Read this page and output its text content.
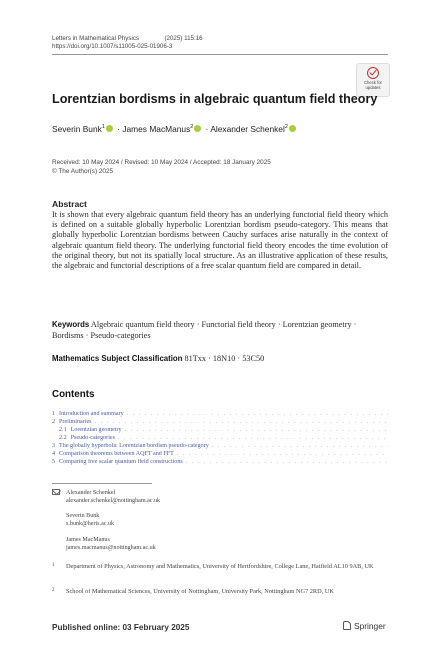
Letters in Mathematical Physics	(2025) 115:16
https://doi.org/10.1007/s11005-025-01906-3
Check for
updates
Lorentzian bordisms in algebraic quantum field theory
Severin Bunk$^1$ · James MacManus$^2$ · Alexander Schenkel$^2$
Received: 10 May 2024 / Revised: 10 May 2024 / Accepted: 18 January 2025
© The Author(s) 2025
Abstract
It is shown that every algebraic quantum field theory has an underlying functorial field theory which is defined on a suitable globally hyperbolic Lorentzian bordism pseudo-category. This means that globally hyperbolic Lorentzian bordisms between Cauchy surfaces arise naturally in the context of algebraic quantum field theory. The underlying functorial field theory encodes the time evolution of the original theory, but not its spatially local structure. As an illustrative application of these results, the algebraic and functorial descriptions of a free scalar quantum field are compared in detail.
Keywords Algebraic quantum field theory · Functorial field theory · Lorentzian geometry · Bordisms · Pseudo-categories
Mathematics Subject Classification 81Txx · 18N10 · 53C50
Contents
1 Introduction and summary
. . .
2 Preliminaries
. . .
2.1 Lorentzian geometry
. . .
2.2 Pseudo-categories
. . .
3 The globally hyperbolic Lorentzian bordism pseudo-category
. . .
4 Comparison theorems between AQFT and FFT
. . .
5 Comparing free scalar quantum field constructions
. . .
Alexander Schenkel
alexander.schenkel@nottingham.ac.uk
Severin Bunk
s.bunk@herts.ac.uk
James MacManus
james.macmanus@nottingham.ac.uk
1 Department of Physics, Astronomy and Mathematics, University of Hertfordshire, College Lane, Hatfield AL10 9AB, UK
2 School of Mathematical Sciences, University of Nottingham, University Park, Nottingham NG7 2RD, UK
Published online: 03 February 2025	Springer
